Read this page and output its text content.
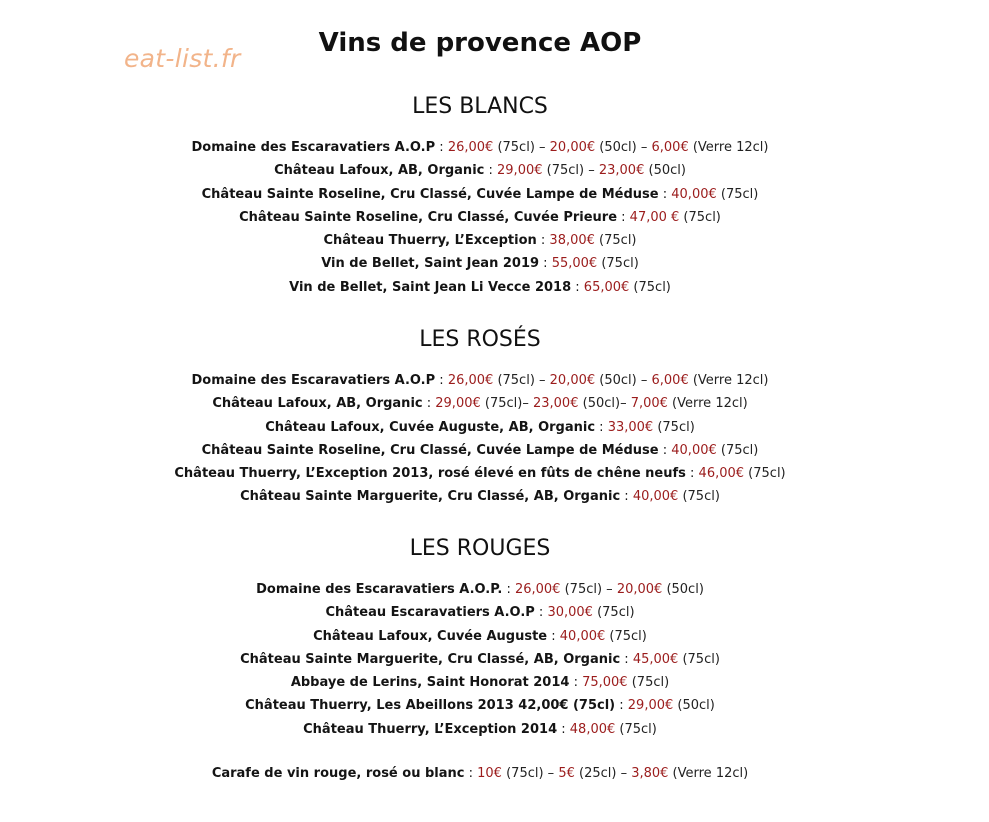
eat-list.fr
Vins de provence AOP
LES BLANCS
Domaine des Escaravatiers A.O.P : 26,00€ (75cl) – 20,00€ (50cl) – 6,00€ (Verre 12cl)
Château Lafoux, AB, Organic : 29,00€ (75cl) – 23,00€ (50cl)
Château Sainte Roseline, Cru Classé, Cuvée Lampe de Méduse : 40,00€ (75cl)
Château Sainte Roseline, Cru Classé, Cuvée Prieure : 47,00 € (75cl)
Château Thuerry, L’Exception : 38,00€ (75cl)
Vin de Bellet, Saint Jean 2019 : 55,00€ (75cl)
Vin de Bellet, Saint Jean Li Vecce 2018 : 65,00€ (75cl)
LES ROSÉS
Domaine des Escaravatiers A.O.P : 26,00€ (75cl) – 20,00€ (50cl) – 6,00€ (Verre 12cl)
Château Lafoux, AB, Organic : 29,00€ (75cl)– 23,00€ (50cl)– 7,00€ (Verre 12cl)
Château Lafoux, Cuvée Auguste, AB, Organic : 33,00€ (75cl)
Château Sainte Roseline, Cru Classé, Cuvée Lampe de Méduse : 40,00€ (75cl)
Château Thuerry, L’Exception 2013, rosé élevé en fûts de chêne neufs : 46,00€ (75cl)
Château Sainte Marguerite, Cru Classé, AB, Organic : 40,00€ (75cl)
LES ROUGES
Domaine des Escaravatiers A.O.P. : 26,00€ (75cl) – 20,00€ (50cl)
Château Escaravatiers A.O.P : 30,00€ (75cl)
Château Lafoux, Cuvée Auguste : 40,00€ (75cl)
Château Sainte Marguerite, Cru Classé, AB, Organic : 45,00€ (75cl)
Abbaye de Lerins, Saint Honorat 2014 : 75,00€ (75cl)
Château Thuerry, Les Abeillons 2013 42,00€ (75cl) : 29,00€ (50cl)
Château Thuerry, L’Exception 2014 : 48,00€ (75cl)
Carafe de vin rouge, rosé ou blanc : 10€ (75cl) – 5€ (25cl) – 3,80€ (Verre 12cl)
